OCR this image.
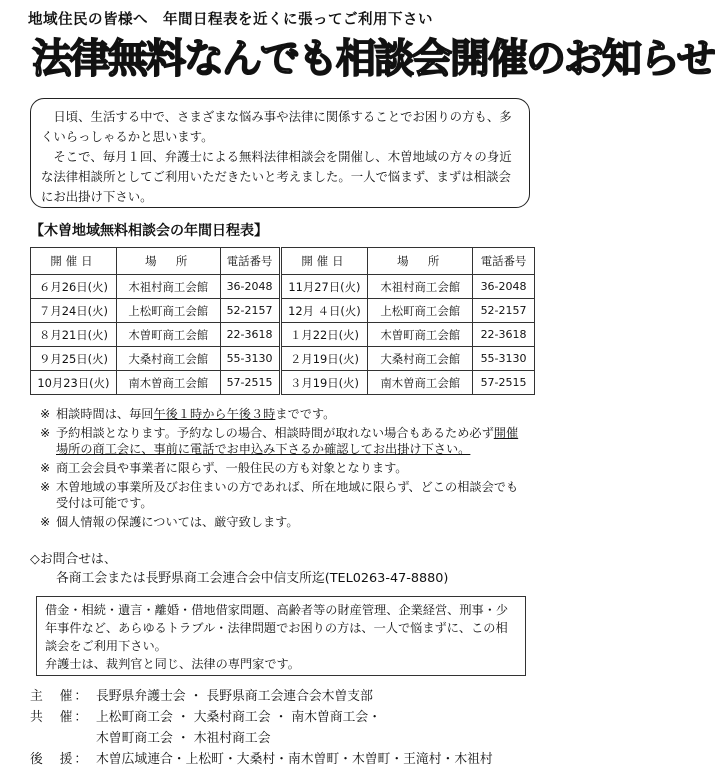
地域住民の皆様へ　年間日程表を近くに張ってご利用下さい
法律無料なんでも相談会開催のお知らせ

日頃、生活する中で、さまざまな悩み事や法律に関係することでお困りの方も、多くいらっしゃるかと思います。

そこで、毎月１回、弁護士による無料法律相談会を開催し、木曽地域の方々の身近な法律相談所としてご利用いただきたいと考えました。一人で悩まず、まずは相談会にお出掛け下さい。

【木曽地域無料相談会の年間日程表】
開催日	場　所	電話番号	開催日	場　所	電話番号
６月26日(火)	木祖村商工会館	36-2048	11月27日(火)	木祖村商工会館	36-2048
７月24日(火)	上松町商工会館	52-2157	12月 ４日(火)	上松町商工会館	52-2157
８月21日(火)	木曽町商工会館	22-3618	１月22日(火)	木曽町商工会館	22-3618
９月25日(火)	大桑村商工会館	55-3130	２月19日(火)	大桑村商工会館	55-3130
10月23日(火)	南木曽商工会館	57-2515	３月19日(火)	南木曽商工会館	57-2515
※ 相談時間は、毎回午後１時から午後３時までです。
※ 予約相談となります。予約なしの場合、相談時間が取れない場合もあるため必ず開催場所の商工会に、事前に電話でお申込み下さるか確認してお出掛け下さい。
※ 商工会会員や事業者に限らず、一般住民の方も対象となります。
※ 木曽地域の事業所及びお住まいの方であれば、所在地域に限らず、どこの相談会でも受付は可能です。
※ 個人情報の保護については、厳守致します。
◇お問合せは、
各商工会または長野県商工会連合会中信支所迄(TEL0263-47-8880)

借金・相続・遺言・離婚・借地借家問題、高齢者等の財産管理、企業経営、刑事・少年事件など、あらゆるトラブル・法律問題でお困りの方は、一人で悩まずに、この相談会をご利用下さい。

弁護士は、裁判官と同じ、法律の専門家です。

主　催： 長野県弁護士会 ・ 長野県商工会連合会木曽支部
共　催： 上松町商工会 ・ 大桑村商工会 ・ 南木曽商工会・
木曽町商工会 ・ 木祖村商工会
後　援： 木曽広域連合・上松町・大桑村・南木曽町・木曽町・王滝村・木祖村
